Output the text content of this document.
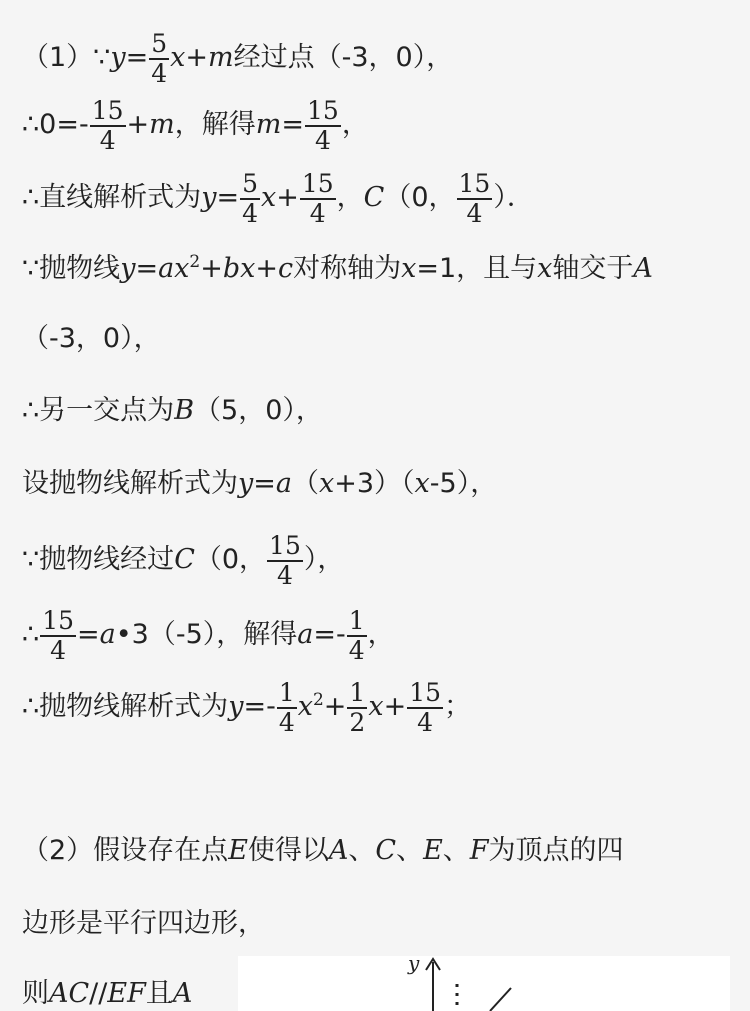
（1）∵y= $\frac{5}{4} x+m$经过点（-3，0），
∴0=- $\frac{15}{4} +m$，解得$m= \frac{15}{4}$ ，
∴直线解析式为$y= \frac{5}{4} x+ \frac{15}{4}$ ，C（0， $\frac{15}{4}$ ）．
∵抛物线$y=ax^2+bx+c$对称轴为x=1，且与x轴交于A
（-3，0），
∴另一交点为B（5，0），
设抛物线解析式为y=a（x+3）（x-5），
∵抛物线经过C（0， $\frac{15}{4}$ ），
∴ $\frac{15}{4}$ =a•3（-5），解得$a=- \frac{1}{4}$ ，
∴抛物线解析式为$y=- \frac{1}{4} x^2+ \frac{1}{2} x+ \frac{15}{4}$ ；
（2）假设存在点E使得以A、C、E、F为顶点的四
边形是平行四边形，
则AC//EF且A
y
